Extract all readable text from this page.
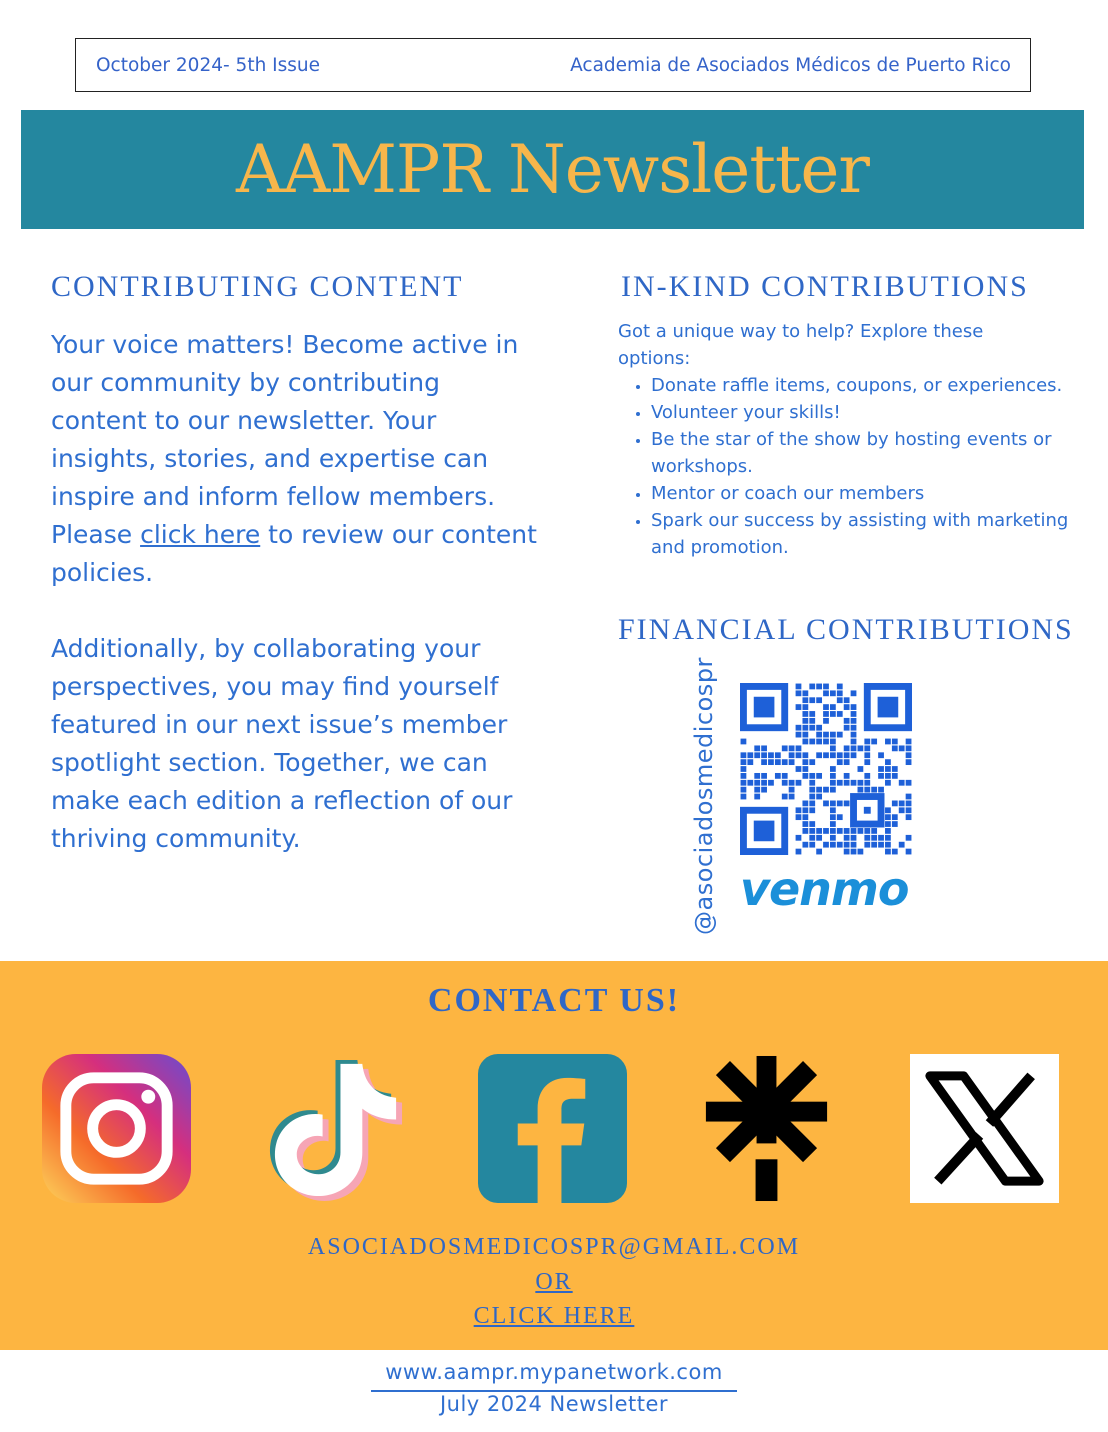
October 2024- 5th Issue	Academia de Asociados Médicos de Puerto Rico
AAMPR Newsletter
CONTRIBUTING CONTENT

Your voice matters! Become active in our community by contributing content to our newsletter. Your insights, stories, and expertise can inspire and inform fellow members. Please click here to review our content policies.

Additionally, by collaborating your perspectives, you may find yourself featured in our next issue’s member spotlight section. Together, we can make each edition a reflection of our thriving community.

IN-KIND CONTRIBUTIONS
Got a unique way to help? Explore these options:
• Donate raffle items, coupons, or experiences.
• Volunteer your skills!
• Be the star of the show by hosting events or workshops.
• Mentor or coach our members
• Spark our success by assisting with marketing and promotion.
FINANCIAL CONTRIBUTIONS
@asociadosmedicospr venmo
CONTACT US!
ASOCIADOSMEDICOSPR@GMAIL.COM
OR
CLICK HERE
www.aampr.mypanetwork.com
July 2024 Newsletter
